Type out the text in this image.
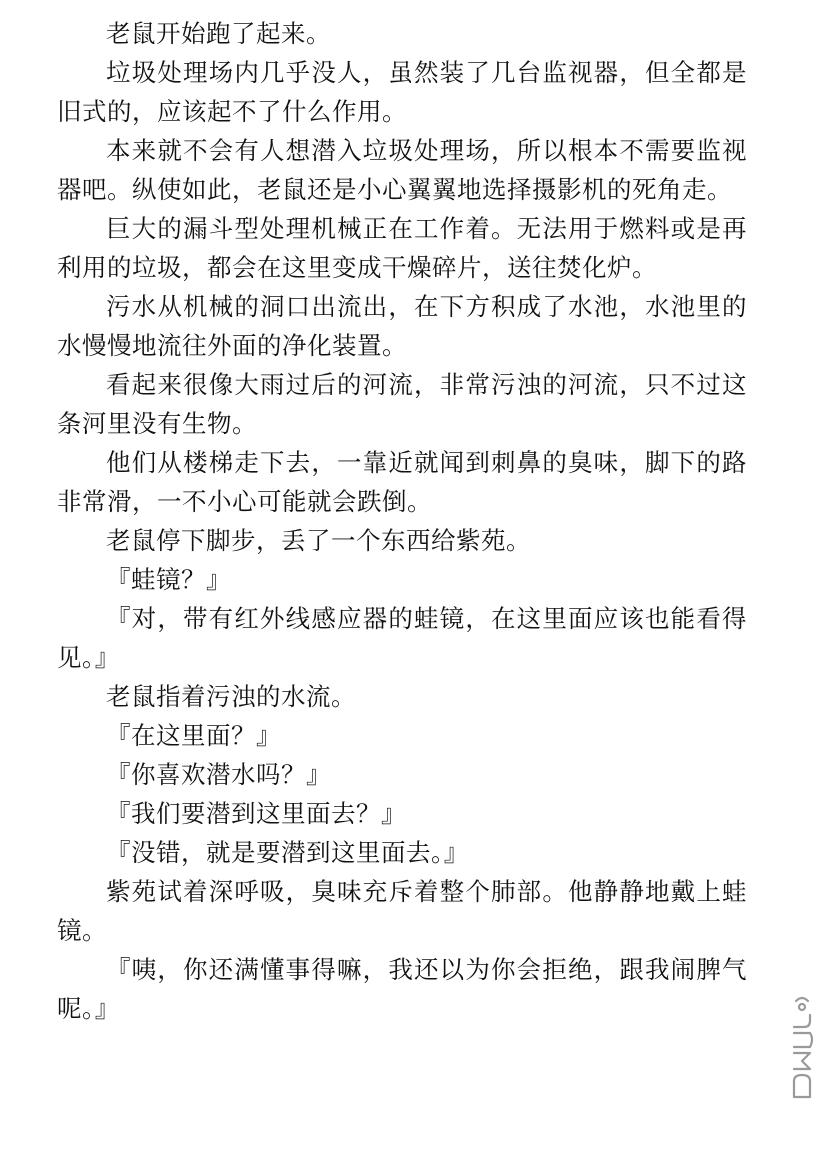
老鼠开始跑了起来。

垃圾处理场内几乎没人，虽然装了几台监视器，但全都是旧式的，应该起不了什么作用。

本来就不会有人想潜入垃圾处理场，所以根本不需要监视器吧。纵使如此，老鼠还是小心翼翼地选择摄影机的死角走。

巨大的漏斗型处理机械正在工作着。无法用于燃料或是再利用的垃圾，都会在这里变成干燥碎片，送往焚化炉。

污水从机械的洞口出流出，在下方积成了水池，水池里的水慢慢地流往外面的净化装置。

看起来很像大雨过后的河流，非常污浊的河流，只不过这条河里没有生物。

他们从楼梯走下去，一靠近就闻到刺鼻的臭味，脚下的路非常滑，一不小心可能就会跌倒。

老鼠停下脚步，丢了一个东西给紫苑。

『蛙镜？』

『对，带有红外线感应器的蛙镜，在这里面应该也能看得见。』

老鼠指着污浊的水流。

『在这里面？』

『你喜欢潜水吗？』

『我们要潜到这里面去？』

『没错，就是要潜到这里面去。』

紫苑试着深呼吸，臭味充斥着整个肺部。他静静地戴上蛙镜。

『咦，你还满懂事得嘛，我还以为你会拒绝，跟我闹脾气呢。』
